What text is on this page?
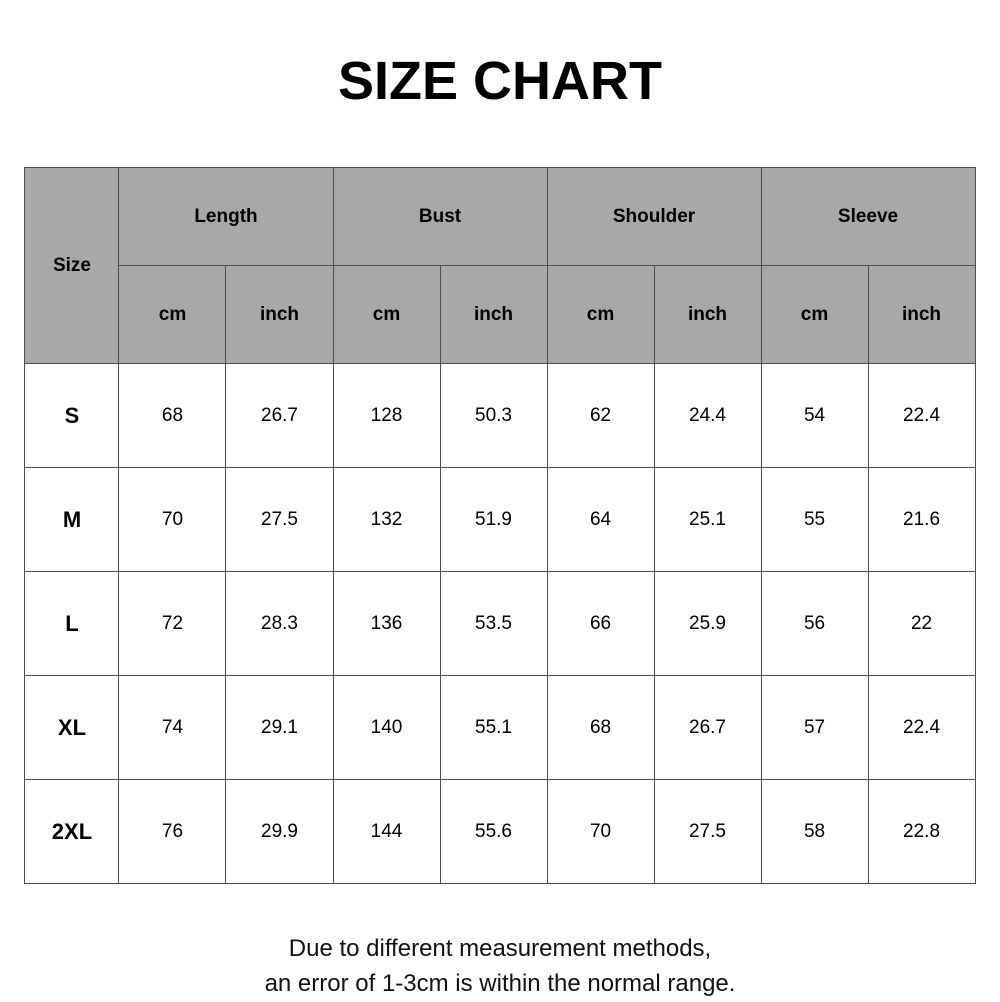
SIZE CHART
Size	Length		Bust		Shoulder		Sleeve	
	cm	inch	cm	inch	cm	inch	cm	inch
S	68	26.7	128	50.3	62	24.4	54	22.4
M	70	27.5	132	51.9	64	25.1	55	21.6
L	72	28.3	136	53.5	66	25.9	56	22
XL	74	29.1	140	55.1	68	26.7	57	22.4
2XL	76	29.9	144	55.6	70	27.5	58	22.8
Due to different measurement methods,
an error of 1-3cm is within the normal range.
